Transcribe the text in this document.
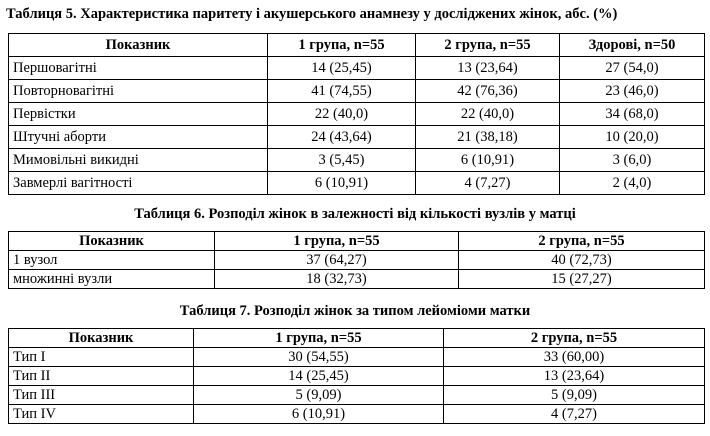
Таблиця 5. Характеристика паритету і акушерського анамнезу у досліджених жінок, абс. (%)
Показник	1 група, n=55	2 група, n=55	Здорові, n=50
Першовагітні	14 (25,45)	13 (23,64)	27 (54,0)
Повторновагітні	41 (74,55)	42 (76,36)	23 (46,0)
Первістки	22 (40,0)	22 (40,0)	34 (68,0)
Штучні аборти	24 (43,64)	21 (38,18)	10 (20,0)
Мимовільні викидні	3 (5,45)	6 (10,91)	3 (6,0)
Завмерлі вагітності	6 (10,91)	4 (7,27)	2 (4,0)
Таблиця 6. Розподіл жінок в залежності від кількості вузлів у матці
Показник	1 група, n=55	2 група, n=55
1 вузол	37 (64,27)	40 (72,73)
множинні вузли	18 (32,73)	15 (27,27)
Таблиця 7. Розподіл жінок за типом лейоміоми матки
Показник	1 група, n=55	2 група, n=55
Тип I	30 (54,55)	33 (60,00)
Тип II	14 (25,45)	13 (23,64)
Тип III	5 (9,09)	5 (9,09)
Тип IV	6 (10,91)	4 (7,27)
